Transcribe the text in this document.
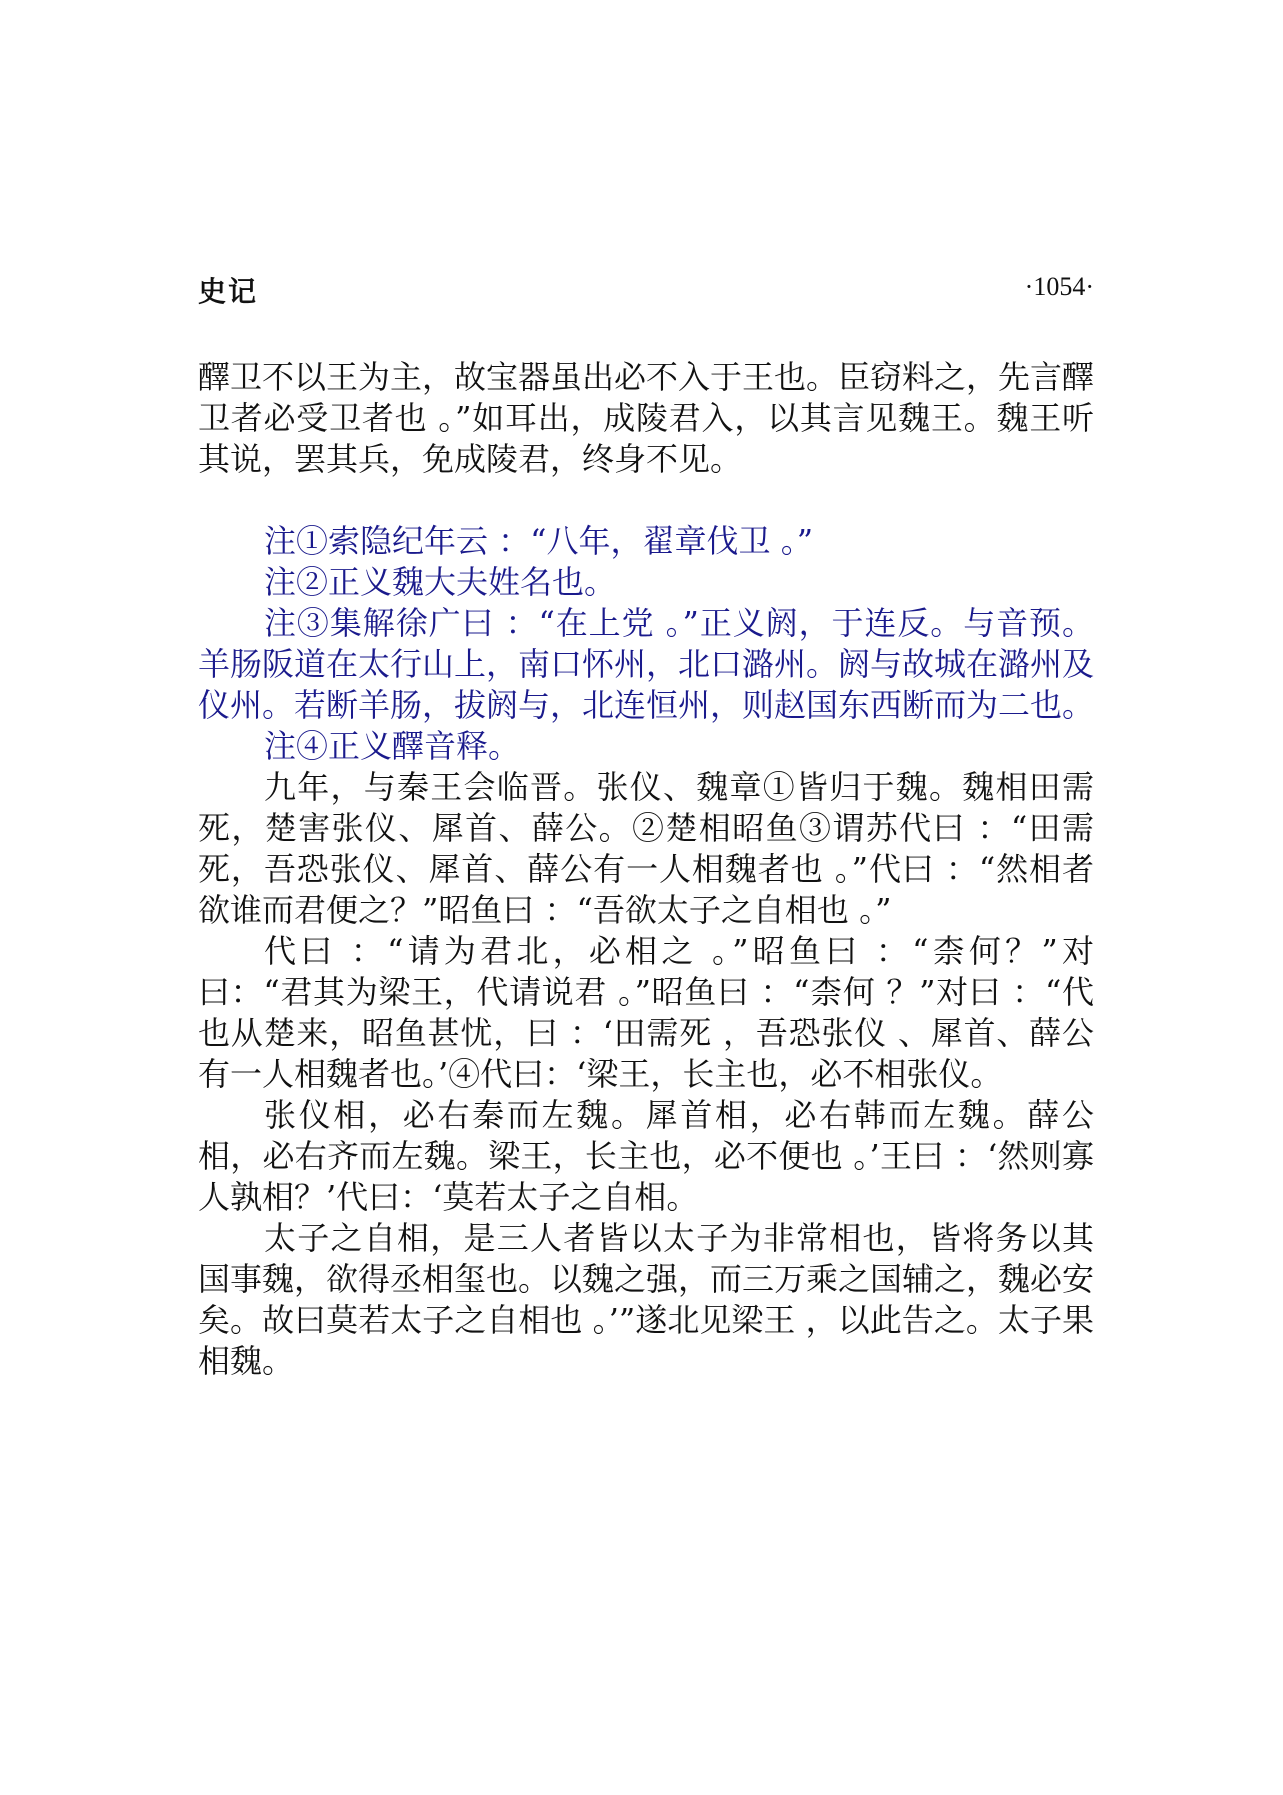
史记	·1054·

醳卫不以王为主，故宝器虽出必不入于王也。臣窃料之，先言醳卫者必受卫者也 。”如耳出，成陵君入，以其言见魏王。魏王听其说，罢其兵，免成陵君，终身不见。

注①索隐纪年云 ：“八年，翟章伐卫 。”

注②正义魏大夫姓名也。

注③集解徐广曰 ：“在上党 。”正义阏，于连反。与音预。羊肠阪道在太行山上，南口怀州，北口潞州。阏与故城在潞州及仪州。若断羊肠，拔阏与，北连恒州，则赵国东西断而为二也。

注④正义醳音释。

九年，与秦王会临晋。张仪、魏章①皆归于魏。魏相田需死，楚害张仪、犀首、薛公。②楚相昭鱼③谓苏代曰 ：“田需死，吾恐张仪、犀首、薛公有一人相魏者也 。”代曰 ：“然相者欲谁而君便之？”昭鱼曰 ：“吾欲太子之自相也 。”

代曰 ：“请为君北，必相之 。”昭鱼曰 ：“柰何？”对曰：“君其为梁王，代请说君 。”昭鱼曰 ：“柰何 ？”对曰 ：“代也从楚来，昭鱼甚忧，曰 ：‘田需死 ，吾恐张仪 、犀首、薛公有一人相魏者也。’④代曰：‘梁王，长主也，必不相张仪。

张仪相，必右秦而左魏。犀首相，必右韩而左魏。薛公相，必右齐而左魏。梁王，长主也，必不便也 。’王曰 ：‘然则寡人孰相？’代曰：‘莫若太子之自相。

太子之自相，是三人者皆以太子为非常相也，皆将务以其国事魏，欲得丞相玺也。以魏之强，而三万乘之国辅之，魏必安矣。故曰莫若太子之自相也 。’”遂北见梁王 ，以此告之。太子果相魏。
